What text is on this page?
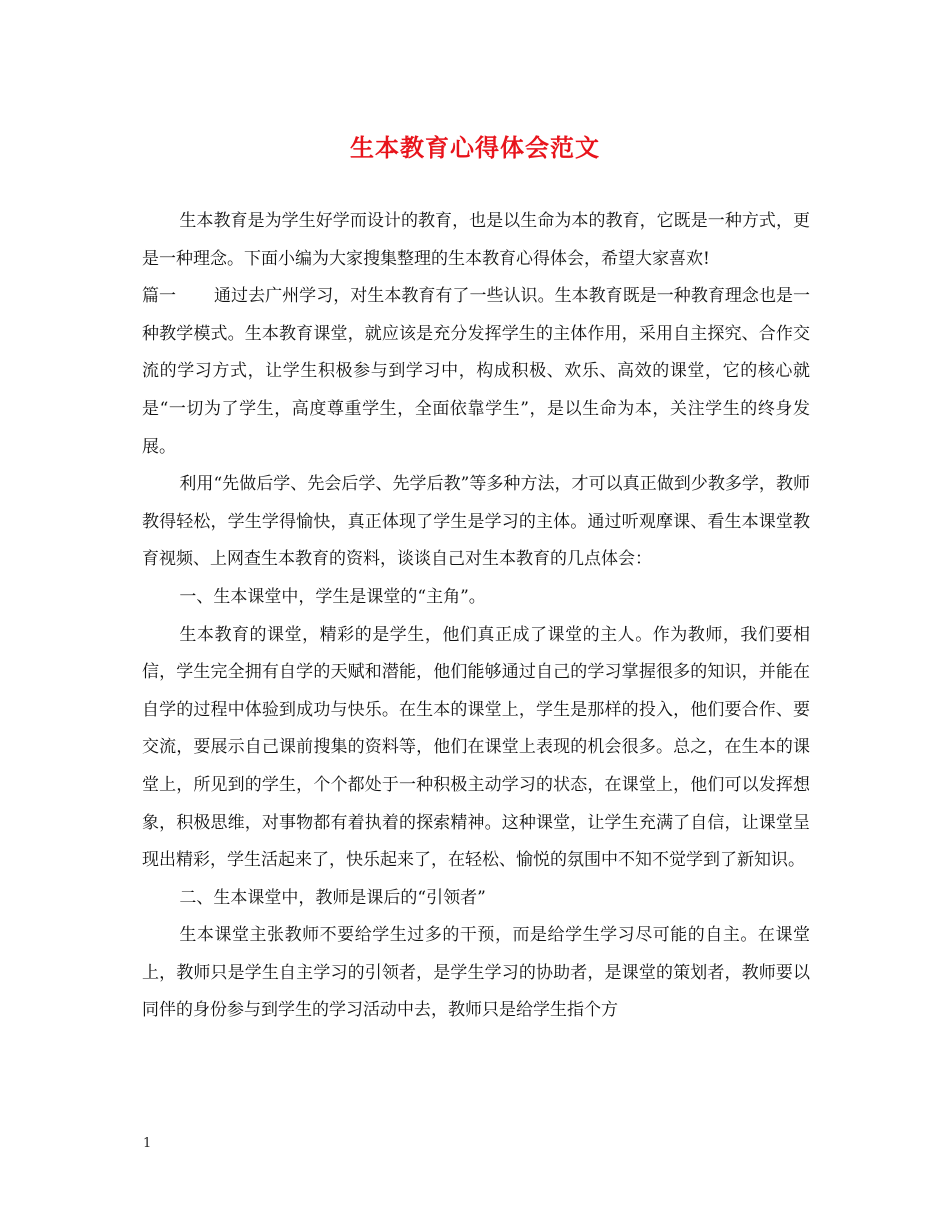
生本教育心得体会范文

生本教育是为学生好学而设计的教育，也是以生命为本的教育，它既是一种方式，更是一种理念。下面小编为大家搜集整理的生本教育心得体会，希望大家喜欢!

篇一 通过去广州学习，对生本教育有了一些认识。生本教育既是一种教育理念也是一种教学模式。生本教育课堂，就应该是充分发挥学生的主体作用，采用自主探究、合作交流的学习方式，让学生积极参与到学习中，构成积极、欢乐、高效的课堂，它的核心就是“一切为了学生，高度尊重学生，全面依靠学生”，是以生命为本，关注学生的终身发展。

利用“先做后学、先会后学、先学后教”等多种方法，才可以真正做到少教多学，教师教得轻松，学生学得愉快，真正体现了学生是学习的主体。通过听观摩课、看生本课堂教育视频、上网查生本教育的资料，谈谈自己对生本教育的几点体会：

一、生本课堂中，学生是课堂的“主角”。

生本教育的课堂，精彩的是学生，他们真正成了课堂的主人。作为教师，我们要相信，学生完全拥有自学的天赋和潜能，他们能够通过自己的学习掌握很多的知识，并能在自学的过程中体验到成功与快乐。在生本的课堂上，学生是那样的投入，他们要合作、要交流，要展示自己课前搜集的资料等，他们在课堂上表现的机会很多。总之，在生本的课堂上，所见到的学生，个个都处于一种积极主动学习的状态，在课堂上，他们可以发挥想象，积极思维，对事物都有着执着的探索精神。这种课堂，让学生充满了自信，让课堂呈现出精彩，学生活起来了，快乐起来了，在轻松、愉悦的氛围中不知不觉学到了新知识。

二、生本课堂中，教师是课后的“引领者”

生本课堂主张教师不要给学生过多的干预，而是给学生学习尽可能的自主。在课堂上，教师只是学生自主学习的引领者，是学生学习的协助者，是课堂的策划者，教师要以同伴的身份参与到学生的学习活动中去，教师只是给学生指个方

1
